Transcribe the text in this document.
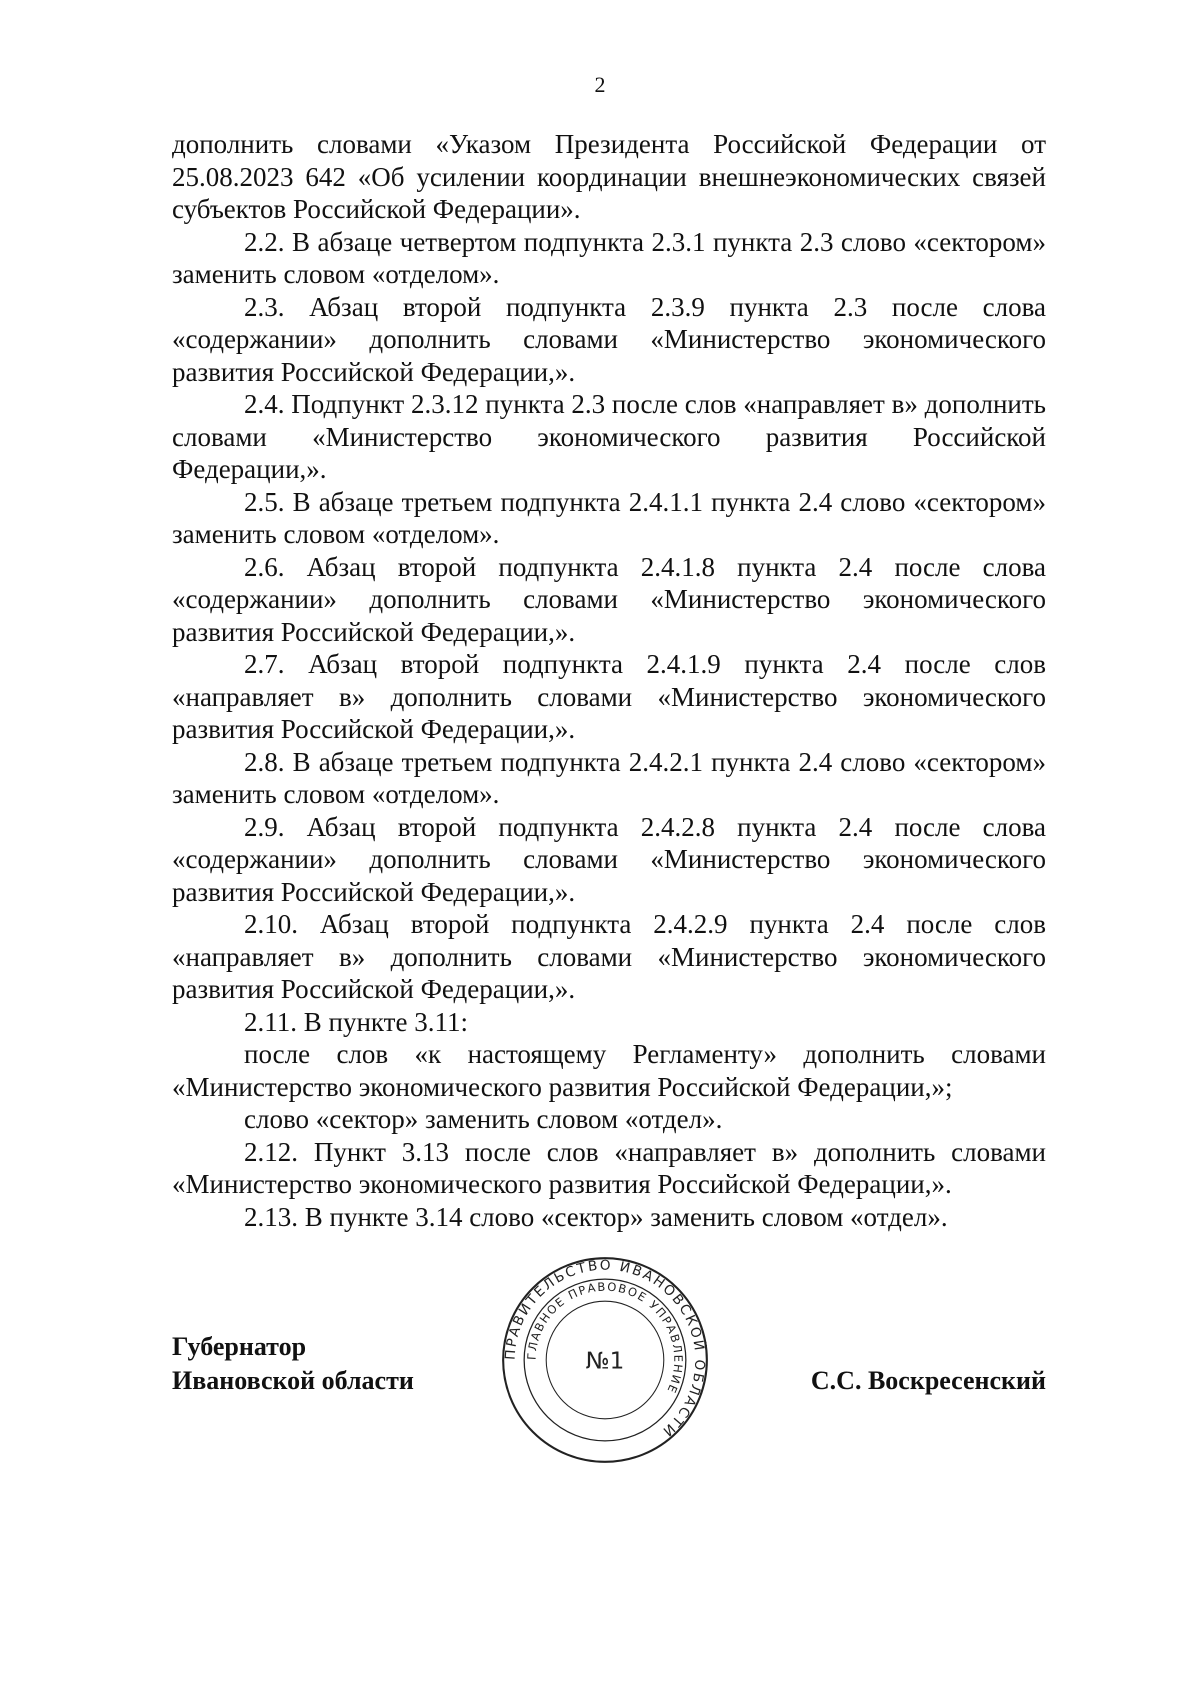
2

дополнить словами «Указом Президента Российской Федерации от 25.08.2023 642 «Об усилении координации внешнеэкономических связей субъектов Российской Федерации».

2.2. В абзаце четвертом подпункта 2.3.1 пункта 2.3 слово «сектором» заменить словом «отделом».

2.3. Абзац второй подпункта 2.3.9 пункта 2.3 после слова «содержании» дополнить словами «Министерство экономического развития Российской Федерации,».

2.4. Подпункт 2.3.12 пункта 2.3 после слов «направляет в» дополнить словами «Министерство экономического развития Российской Федерации,».

2.5. В абзаце третьем подпункта 2.4.1.1 пункта 2.4 слово «сектором» заменить словом «отделом».

2.6. Абзац второй подпункта 2.4.1.8 пункта 2.4 после слова «содержании» дополнить словами «Министерство экономического развития Российской Федерации,».

2.7. Абзац второй подпункта 2.4.1.9 пункта 2.4 после слов «направляет в» дополнить словами «Министерство экономического развития Российской Федерации,».

2.8. В абзаце третьем подпункта 2.4.2.1 пункта 2.4 слово «сектором» заменить словом «отделом».

2.9. Абзац второй подпункта 2.4.2.8 пункта 2.4 после слова «содержании» дополнить словами «Министерство экономического развития Российской Федерации,».

2.10. Абзац второй подпункта 2.4.2.9 пункта 2.4 после слов «направляет в» дополнить словами «Министерство экономического развития Российской Федерации,».

2.11. В пункте 3.11:

после слов «к настоящему Регламенту» дополнить словами «Министерство экономического развития Российской Федерации,»;

слово «сектор» заменить словом «отдел».

2.12. Пункт 3.13 после слов «направляет в» дополнить словами «Министерство экономического развития Российской Федерации,».

2.13. В пункте 3.14 слово «сектор» заменить словом «отдел».

Губернатор
Ивановской области
ПРАВИТЕЛЬСТВО ИВАНОВСКОЙ ОБЛАСТИ
ГЛАВНОЕ ПРАВОВОЕ УПРАВЛЕНИЕ
№1
С.С. Воскресенский
